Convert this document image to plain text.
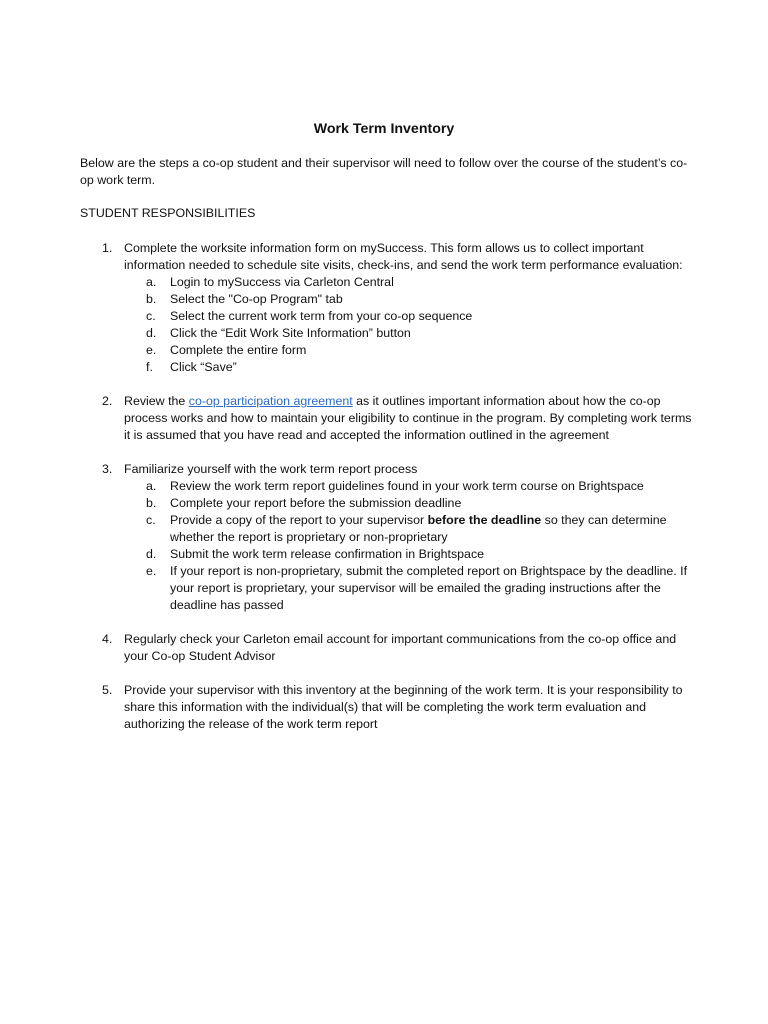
Work Term Inventory
Below are the steps a co-op student and their supervisor will need to follow over the course of the student’s co-op work term.
STUDENT RESPONSIBILITIES
1. Complete the worksite information form on mySuccess. This form allows us to collect important information needed to schedule site visits, check-ins, and send the work term performance evaluation:
a. Login to mySuccess via Carleton Central
b. Select the "Co-op Program" tab
c. Select the current work term from your co-op sequence
d. Click the “Edit Work Site Information” button
e. Complete the entire form
f. Click “Save”
2. Review the co-op participation agreement as it outlines important information about how the co-op process works and how to maintain your eligibility to continue in the program. By completing work terms it is assumed that you have read and accepted the information outlined in the agreement
3. Familiarize yourself with the work term report process
a. Review the work term report guidelines found in your work term course on Brightspace
b. Complete your report before the submission deadline
c. Provide a copy of the report to your supervisor before the deadline so they can determine whether the report is proprietary or non-proprietary
d. Submit the work term release confirmation in Brightspace
e. If your report is non-proprietary, submit the completed report on Brightspace by the deadline. If your report is proprietary, your supervisor will be emailed the grading instructions after the deadline has passed
4. Regularly check your Carleton email account for important communications from the co-op office and your Co-op Student Advisor
5. Provide your supervisor with this inventory at the beginning of the work term. It is your responsibility to share this information with the individual(s) that will be completing the work term evaluation and authorizing the release of the work term report
